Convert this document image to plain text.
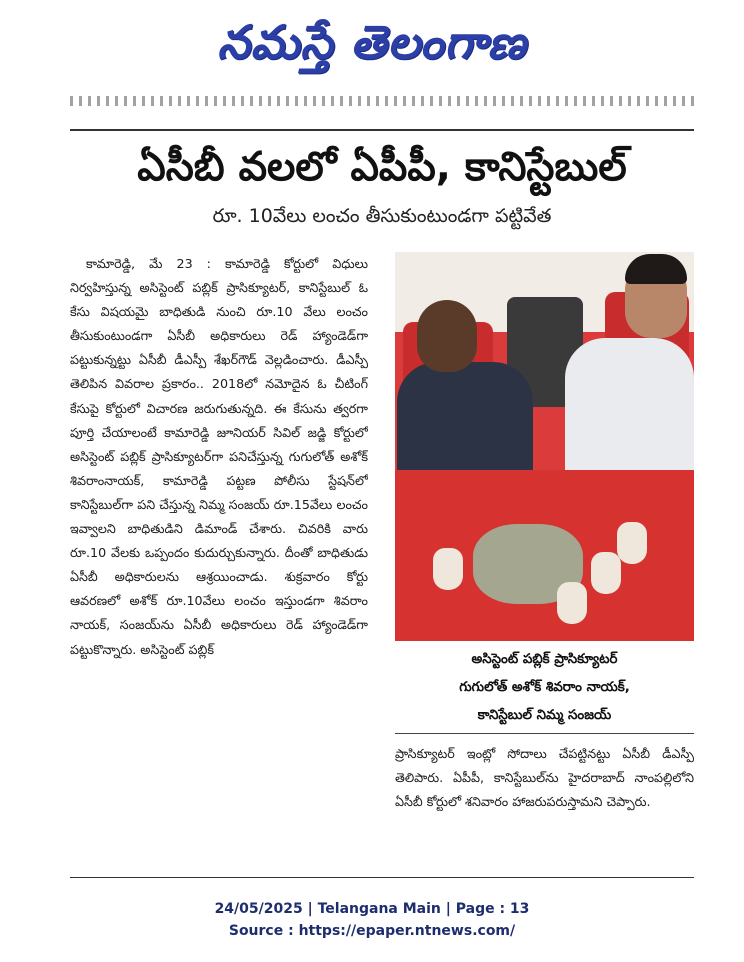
నమస్తే తెలంగాణ
ఏసీబీ వలలో ఏపీపీ, కానిస్టేబుల్
రూ. 10వేలు లంచం తీసుకుంటుండగా పట్టివేత

కామారెడ్డి, మే 23 : కామారెడ్డి కోర్టులో విధులు నిర్వహిస్తున్న అసిస్టెంట్ పబ్లిక్ ప్రాసిక్యూటర్, కానిస్టేబుల్ ఓ కేసు విషయమై బాధితుడి నుంచి రూ.10 వేలు లంచం తీసుకుంటుండగా ఏసీబీ అధికారులు రెడ్ హ్యాండెడ్‌గా పట్టుకున్నట్టు ఏసీబీ డీఎస్పీ శేఖర్‌గౌడ్ వెల్లడించారు. డీఎస్పీ తెలిపిన వివరాల ప్రకారం.. 2018లో నమోదైన ఓ చీటింగ్ కేసుపై కోర్టులో విచారణ జరుగుతున్నది. ఈ కేసును త్వరగా పూర్తి చేయాలంటే కామారెడ్డి జూనియర్ సివిల్ జడ్జి కోర్టులో అసిస్టెంట్ పబ్లిక్ ప్రాసిక్యూటర్‌గా పనిచేస్తున్న గుగులోత్ అశోక్ శివరాంనాయక్, కామారెడ్డి పట్టణ పోలీసు స్టేషన్‌లో కానిస్టేబుల్‌గా పని చేస్తున్న నిమ్మ సంజయ్ రూ.15వేలు లంచం ఇవ్వాలని బాధితుడిని డిమాండ్ చేశారు. చివరికి వారు రూ.10 వేలకు ఒప్పందం కుదుర్చుకున్నారు. దీంతో బాధితుడు ఏసీబీ అధికారులను ఆశ్రయించాడు. శుక్రవారం కోర్టు ఆవరణలో అశోక్ రూ.10వేలు లంచం ఇస్తుండగా శివరాం నాయక్, సంజయ్‌ను ఏసీబీ అధికారులు రెడ్ హ్యాండెడ్‌గా పట్టుకొన్నారు. అసిస్టెంట్ పబ్లిక్

అసిస్టెంట్ పబ్లిక్ ప్రాసిక్యూటర్
గుగులోత్ అశోక్ శివరాం నాయక్,
కానిస్టేబుల్ నిమ్మ సంజయ్

ప్రాసిక్యూటర్ ఇంట్లో సోదాలు చేపట్టినట్టు ఏసీబీ డీఎస్పీ తెలిపారు. ఏపీపీ, కానిస్టేబుల్‌ను హైదరాబాద్ నాంపల్లిలోని ఏసీబీ కోర్టులో శనివారం హాజరుపరుస్తామని చెప్పారు.

24/05/2025 | Telangana Main | Page : 13
Source : https://epaper.ntnews.com/
